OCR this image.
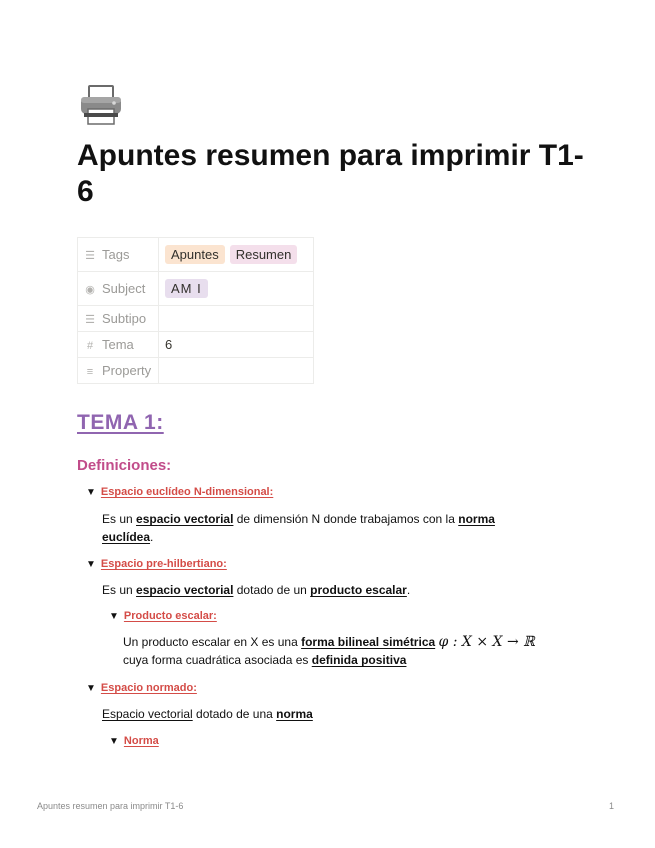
Apuntes resumen para imprimir T1-6
☰ Tags	Apuntes Resumen
◉ Subject	AM I
☰ Subtipo	
# Tema	6
≡ Property	
TEMA 1:
Definiciones:
▼ Espacio euclídeo N-dimensional:
Es un espacio vectorial de dimensión N donde trabajamos con la norma
euclídea.
▼ Espacio pre-hilbertiano:
Es un espacio vectorial dotado de un producto escalar.
▼ Producto escalar:
Un producto escalar en X es una forma bilineal simétrica φ : X × X → ℝ
cuya forma cuadrática asociada es definida positiva
▼ Espacio normado:
Espacio vectorial dotado de una norma
▼ Norma
Apuntes resumen para imprimir T1-6	1
